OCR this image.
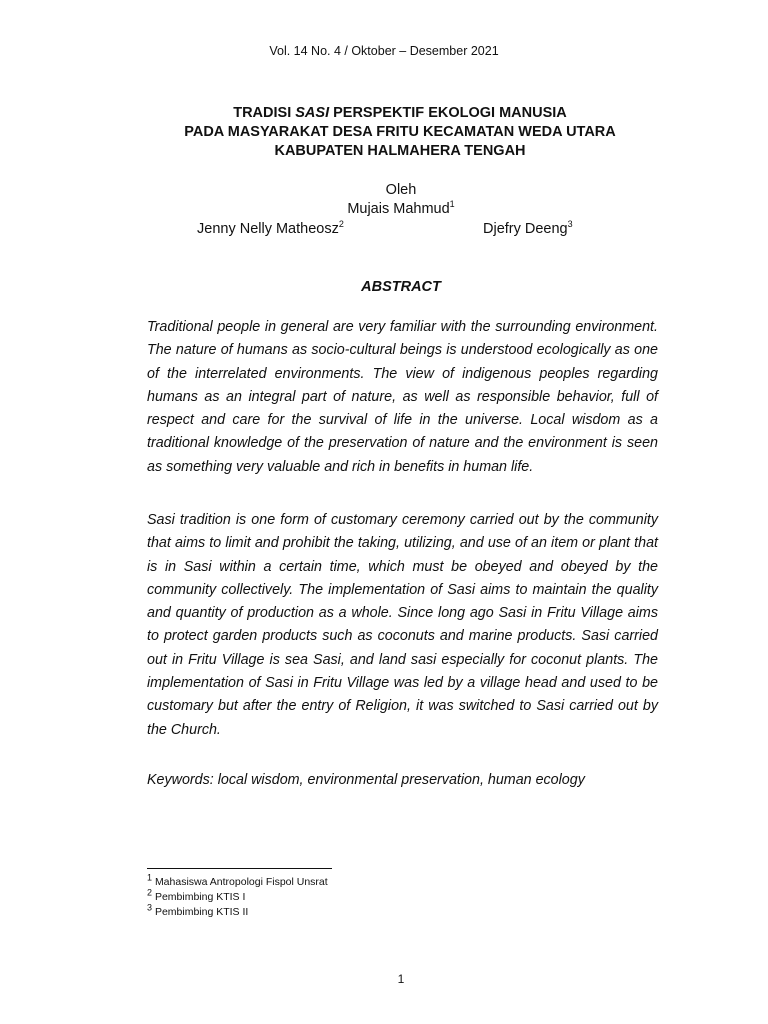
Vol. 14 No. 4 / Oktober – Desember 2021
TRADISI SASI PERSPEKTIF EKOLOGI MANUSIA
PADA MASYARAKAT DESA FRITU KECAMATAN WEDA UTARA
KABUPATEN HALMAHERA TENGAH
Oleh
Mujais Mahmud$^1$
Jenny Nelly Matheosz$^2$	Djefry Deeng$^3$
ABSTRACT
Traditional people in general are very familiar with the surrounding environment. The nature of humans as socio-cultural beings is understood ecologically as one of the interrelated environments. The view of indigenous peoples regarding humans as an integral part of nature, as well as responsible behavior, full of respect and care for the survival of life in the universe. Local wisdom as a traditional knowledge of the preservation of nature and the environment is seen as something very valuable and rich in benefits in human life.
Sasi tradition is one form of customary ceremony carried out by the community that aims to limit and prohibit the taking, utilizing, and use of an item or plant that is in Sasi within a certain time, which must be obeyed and obeyed by the community collectively. The implementation of Sasi aims to maintain the quality and quantity of production as a whole. Since long ago Sasi in Fritu Village aims to protect garden products such as coconuts and marine products. Sasi carried out in Fritu Village is sea Sasi, and land sasi especially for coconut plants. The implementation of Sasi in Fritu Village was led by a village head and used to be customary but after the entry of Religion, it was switched to Sasi carried out by the Church.
Keywords: local wisdom, environmental preservation, human ecology
$^1$ Mahasiswa Antropologi Fispol Unsrat
$^2$ Pembimbing KTIS I
$^3$ Pembimbing KTIS II
1
